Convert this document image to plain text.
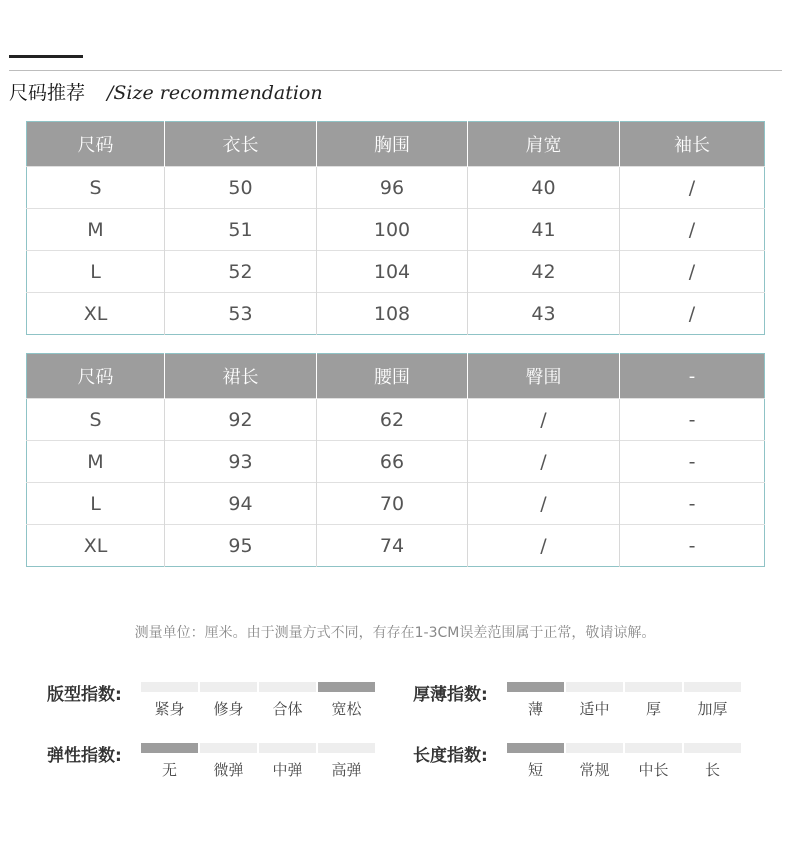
尺码推荐 /Size recommendation
尺码	衣长	胸围	肩宽	袖长
S	50	96	40	/
M	51	100	41	/
L	52	104	42	/
XL	53	108	43	/
尺码	裙长	腰围	臀围	-
S	92	62	/	-
M	93	66	/	-
L	94	70	/	-
XL	95	74	/	-
测量单位：厘米。由于测量方式不同，有存在1-3CM误差范围属于正常，敬请谅解。
版型指数:
紧身 修身 合体 宽松
厚薄指数:
薄 适中 厚 加厚
弹性指数:
无 微弹 中弹 高弹
长度指数:
短 常规 中长 长
